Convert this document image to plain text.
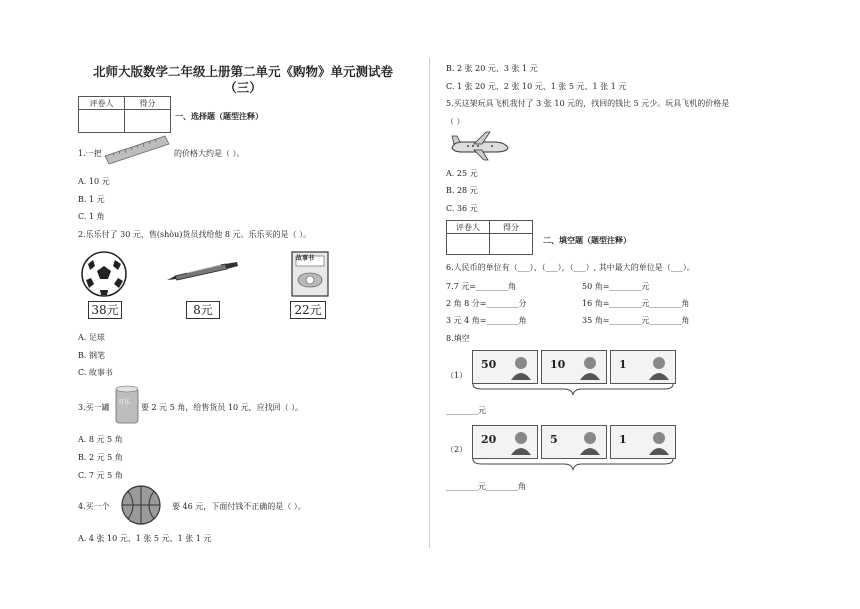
北师大版数学二年级上册第二单元《购物》单元测试卷
（三）
评卷人	得分

一、选择题（题型注释）
1.一把	的价格大约是（ ）。
A. 10 元
B. 1 元
C. 1 角
2.乐乐付了 30 元，售(shòu)货员找给他 8 元。乐乐买的是（ ）。
故事书
38元	8元	22元
A. 足球
B. 钢笔
C. 故事书
3.买一罐
可乐
要 2 元 5 角，给售货员 10 元，应找回（ ）。
A. 8 元 5 角
B. 2 元 5 角
C. 7 元 5 角
4.买一个	要 46 元，下面付钱不正确的是（ ）。
A. 4 张 10 元、1 张 5 元、1 张 1 元
B. 2 张 20 元、3 张 1 元
C. 1 张 20 元、2 张 10 元、1 张 5 元、1 张 1 元
5.买这架玩具飞机我付了 3 张 10 元的，找回的钱比 5 元少。玩具飞机的价格是
（ ）
A. 25 元
B. 28 元
C. 36 元
评卷人	得分

二、填空题（题型注释）
6.人民币的单位有（___）、（___），（___）, 其中最大的单位是（___）。
7.7 元=________角	50 角=________元
2 角 8 分=________分	16 角=________元________角
3 元 4 角=________角	35 角=________元________角
8.填空
（1）
50	10	1
________元
（2）
20	5	1
________元________角
